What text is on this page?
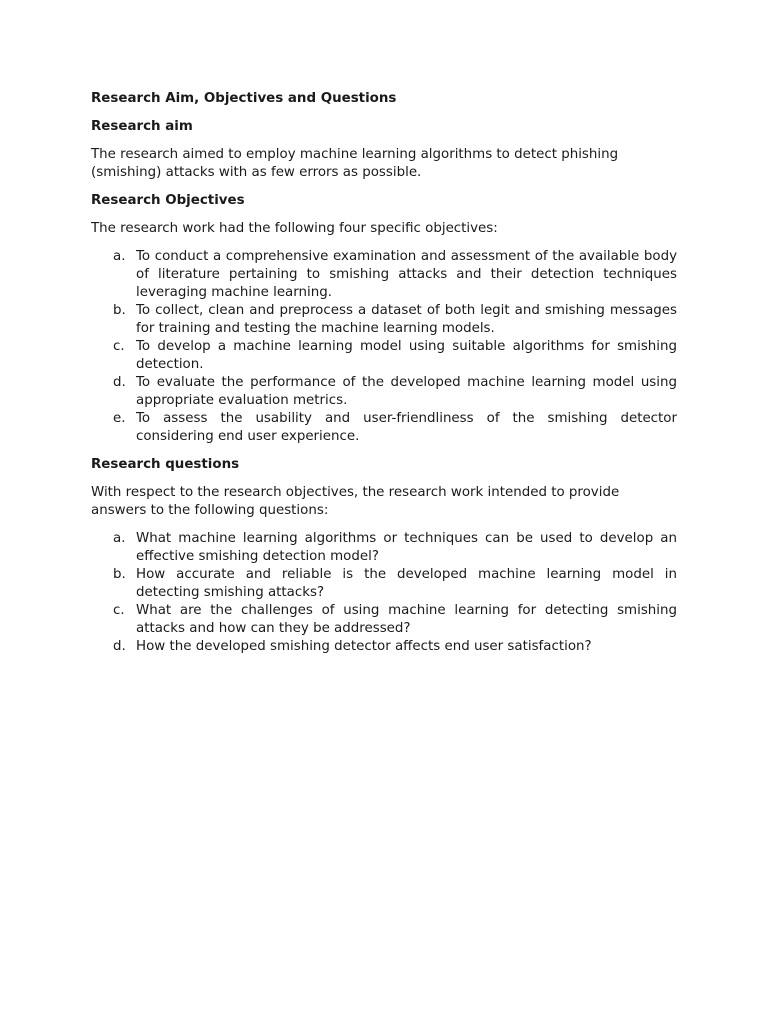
Research Aim, Objectives and Questions

Research aim

The research aimed to employ machine learning algorithms to detect phishing (smishing) attacks with as few errors as possible.

Research Objectives

The research work had the following four specific objectives:

a. To conduct a comprehensive examination and assessment of the available body of literature pertaining to smishing attacks and their detection techniques leveraging machine learning.
b. To collect, clean and preprocess a dataset of both legit and smishing messages for training and testing the machine learning models.
c. To develop a machine learning model using suitable algorithms for smishing detection.
d. To evaluate the performance of the developed machine learning model using appropriate evaluation metrics.
e. To assess the usability and user-friendliness of the smishing detector considering end user experience.

Research questions

With respect to the research objectives, the research work intended to provide answers to the following questions:

a. What machine learning algorithms or techniques can be used to develop an effective smishing detection model?
b. How accurate and reliable is the developed machine learning model in detecting smishing attacks?
c. What are the challenges of using machine learning for detecting smishing attacks and how can they be addressed?
d. How the developed smishing detector affects end user satisfaction?
